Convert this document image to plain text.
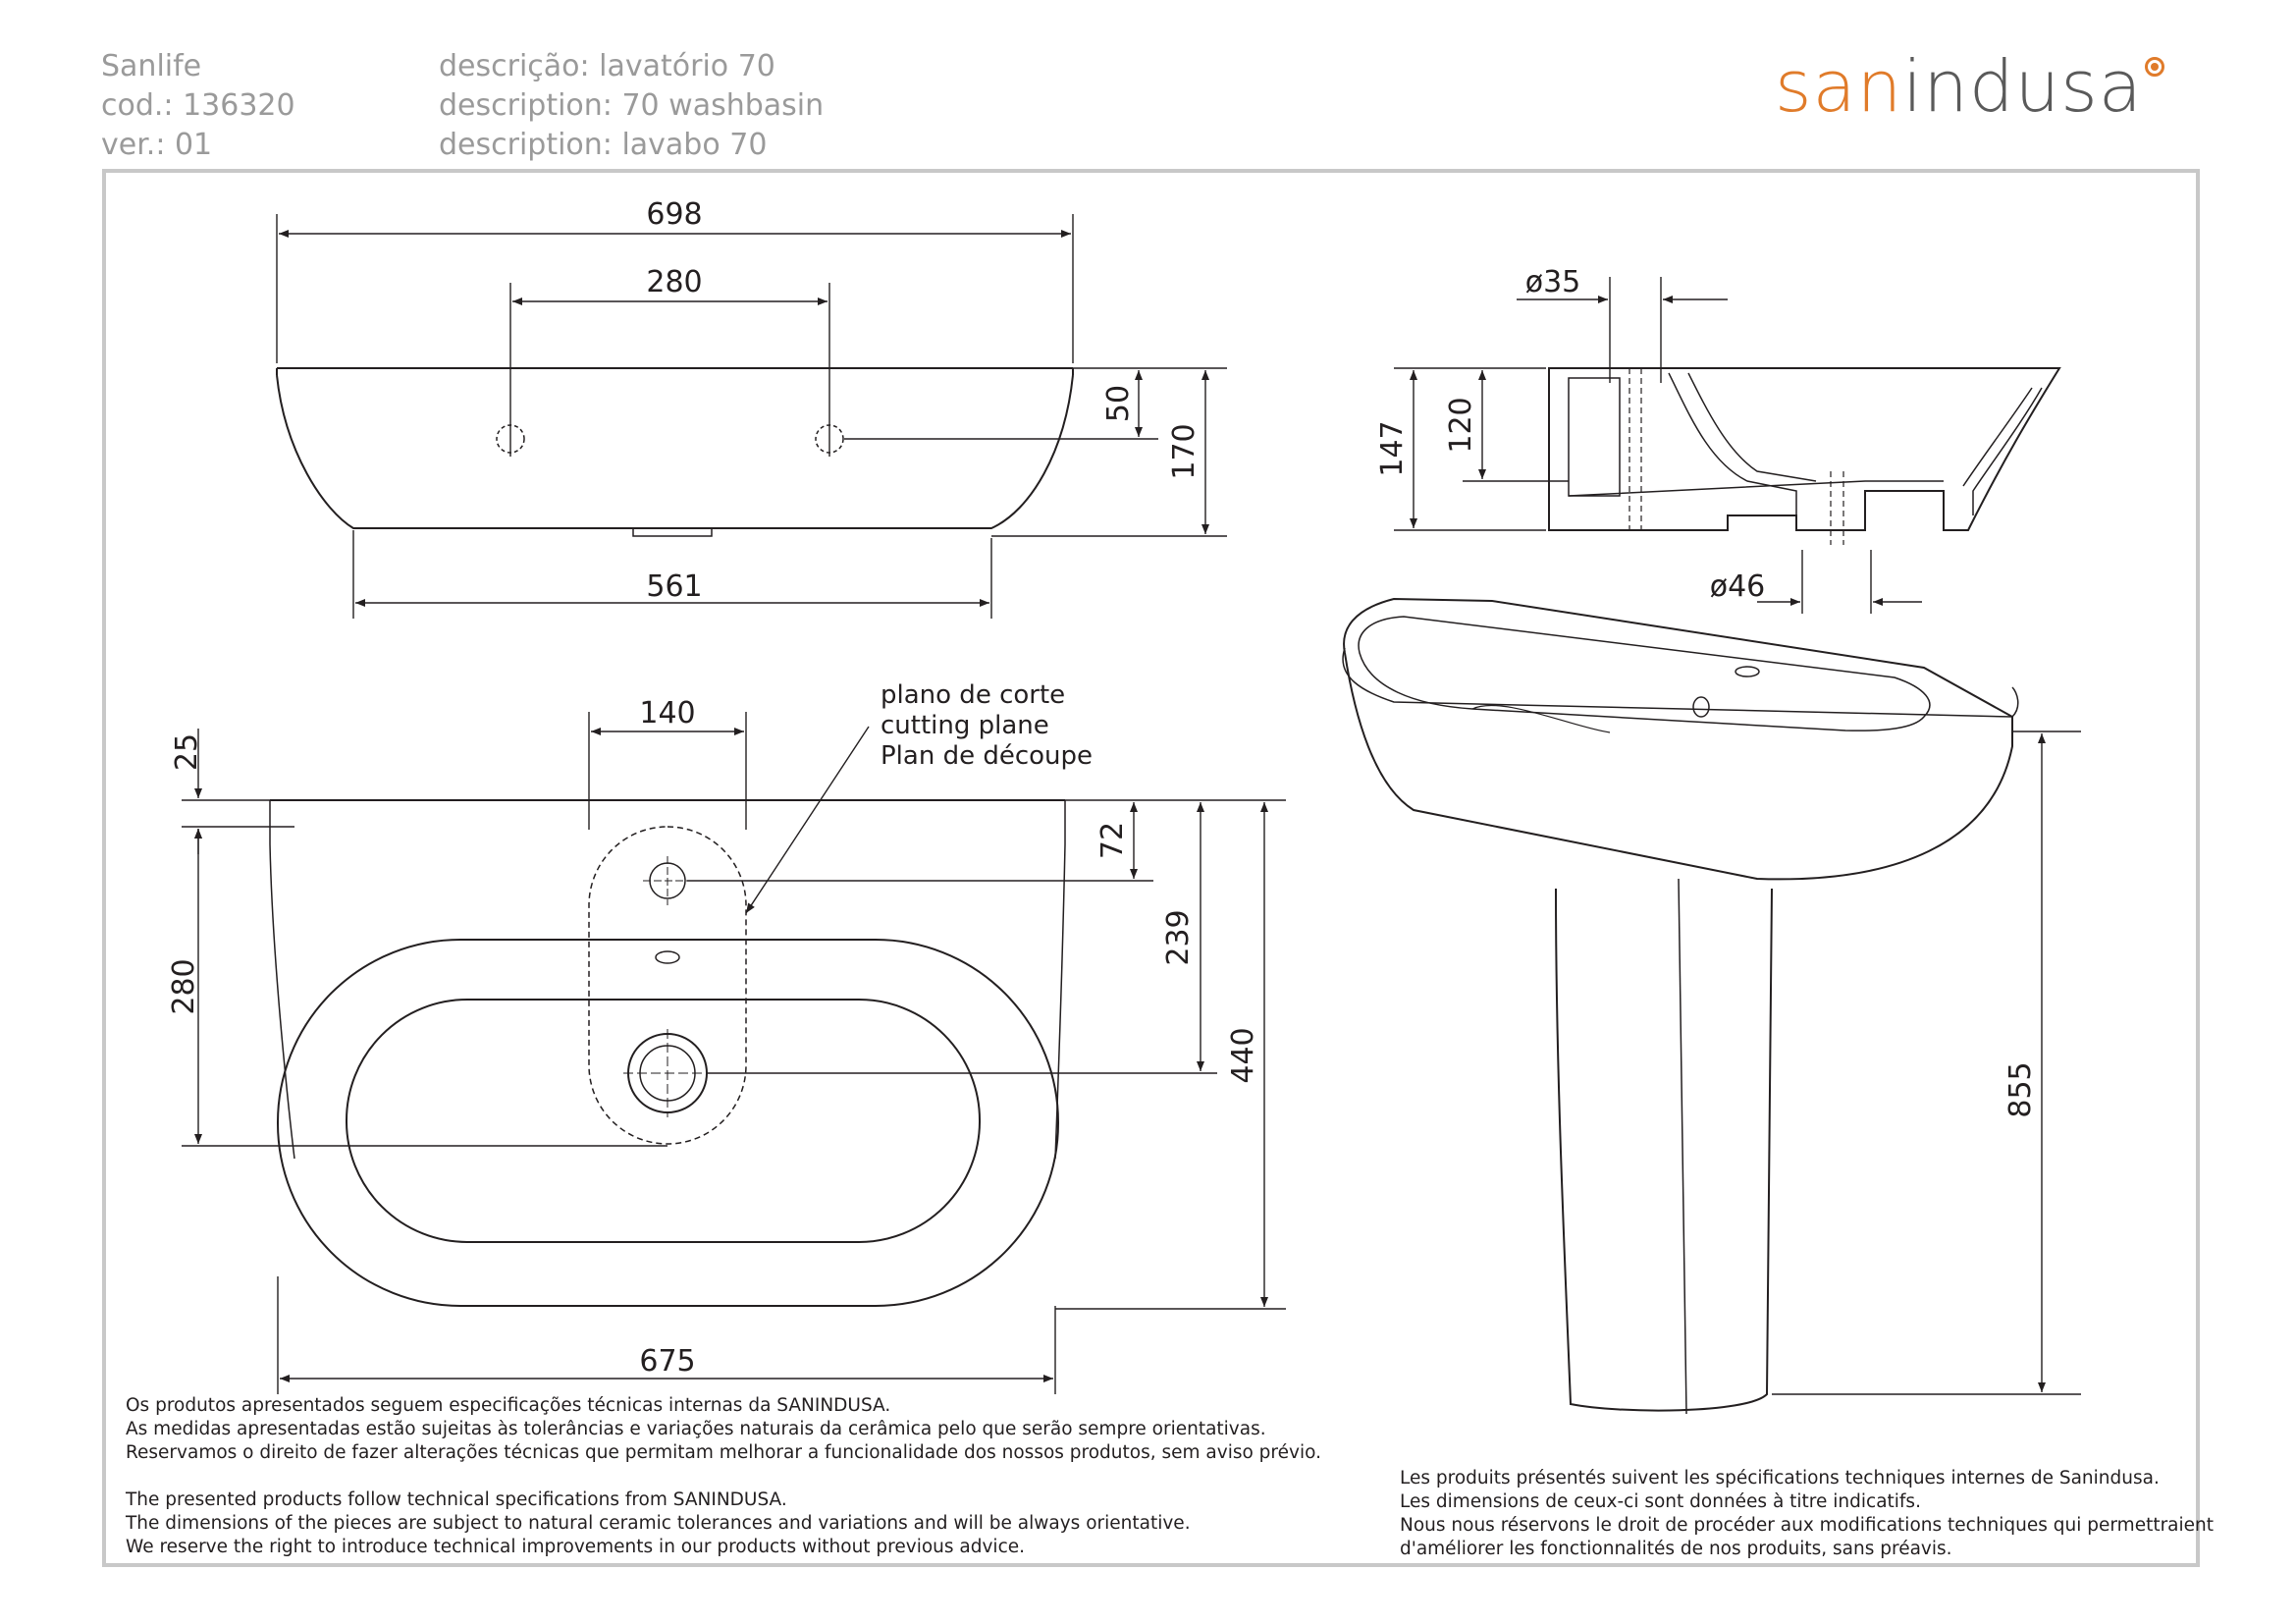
Sanlife
cod.: 136320
ver.: 01
descrição: lavatório 70
description: 70 washbasin
description: lavabo 70
sanindusa
698
280
50
170
561
ø35
147 120
ø46
140
25
72
239
440
280
675
plano de corte
cutting plane
Plan de découpe
855
Os produtos apresentados seguem especificações técnicas internas da SANINDUSA.
As medidas apresentadas estão sujeitas às tolerâncias e variações naturais da cerâmica pelo que serão sempre orientativas.
Reservamos o direito de fazer alterações técnicas que permitam melhorar a funcionalidade dos nossos produtos, sem aviso prévio.
The presented products follow technical specifications from SANINDUSA.
The dimensions of the pieces are subject to natural ceramic tolerances and variations and will be always orientative.
We reserve the right to introduce technical improvements in our products without previous advice.
Les produits présentés suivent les spécifications techniques internes de Sanindusa.
Les dimensions de ceux-ci sont données à titre indicatifs.
Nous nous réservons le droit de procéder aux modifications techniques qui permettraient
d'améliorer les fonctionnalités de nos produits, sans préavis.
